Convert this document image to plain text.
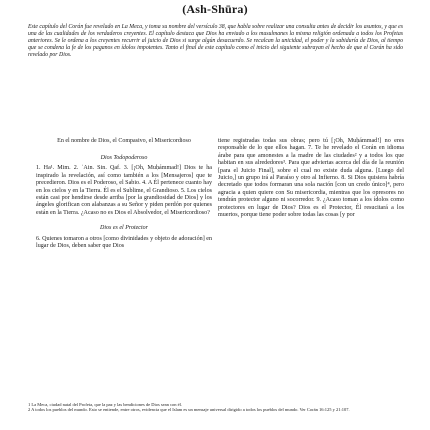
(Ash-Shūra)

Este capítulo del Corán fue revelado en La Meca, y toma su nombre del versículo 38, que habla sobre realizar una consulta antes de decidir los asuntos, y que es una de las cualidades de los verdaderos creyentes. El capítulo destaca que Dios ha enviado a los musulmanes la misma religión ordenada a todos los Profetas anteriores. Se le ordena a los creyentes recurrir al juicio de Dios si surge algún desacuerdo. Se recalcan la unicidad, el poder y la sabiduría de Dios, al tiempo que se condena la fe de los paganos en ídolos impotentes. Tanto el final de este capítulo como el inicio del siguiente subrayan el hecho de que el Corán ha sido revelado por Dios.

En el nombre de Dios, el Compasivo, el Misericordioso

Dios Todopoderoso

1. Ha¹. Mim. 2. ʿAin. Sin. Qaf. 3. [¡Oh, Muḥámmad!] Dios te ha inspirado la revelación, así como también a los [Mensajeros] que te precedieron. Dios es el Poderoso, el Sabio. 4. A Él pertenece cuanto hay en los cielos y en la Tierra. Él es el Sublime, el Grandioso. 5. Los cielos están casi por hendirse desde arriba [por la grandiosidad de Dios] y los ángeles glorifican con alabanzas a su Señor y piden perdón por quienes están en la Tierra. ¿Acaso no es Dios el Absolvedor, el Misericordioso?

Dios es el Protector

6. Quienes tomaron a otros [como divinidades y objeto de adoración] en lugar de Dios, deben saber que Dios

tiene registradas todas sus obras; pero tú [¡Oh, Muḥámmad!] no eres responsable de lo que ellos hagan. 7. Te he revelado el Corán en idioma árabe para que amonestes a la madre de las ciudades² y a todos los que habitan en sus alrededores³. Para que adviertas acerca del día de la reunión [para el Juicio Final], sobre el cual no existe duda alguna. [Luego del Juicio,] un grupo irá al Paraíso y otro al Infierno. 8. Si Dios quisiera habría decretado que todos formaran una sola nación [con un credo único]⁴, pero agracia a quien quiere con Su misericordia, mientras que los opresores no tendrán protector alguno ni socorredor. 9. ¿Acaso toman a los ídolos como protectores en lugar de Dios? Dios es el Protector, Él resucitará a los muertos, porque tiene poder sobre todas las cosas [y por

1 La Meca, ciudad natal del Profeta, que la paz y las bendiciones de Dios sean con él.

2 A todos los pueblos del mundo. Esto se entiende, entre otros, evidencia que el Islam es un mensaje universal dirigido a todos los pueblos del mundo. Ver Corán 16:125 y 21:107.
